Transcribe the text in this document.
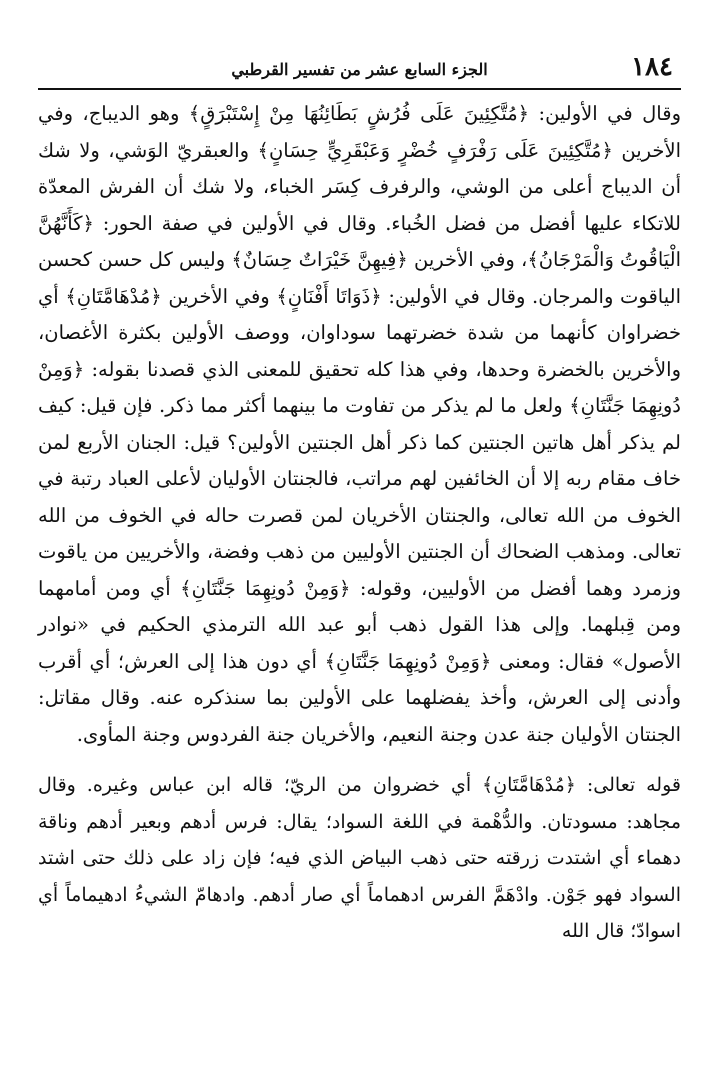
١٨٤
الجزء السابع عشر من تفسير القرطبي

وقال في الأولين: ﴿مُتَّكِئِينَ عَلَى فُرُشٍ بَطَائِنُهَا مِنْ إِسْتَبْرَقٍ﴾ وهو الديباج، وفي الأخرين ﴿مُتَّكِئِينَ عَلَى رَفْرَفٍ خُضْرٍ وَعَبْقَرِيٍّ حِسَانٍ﴾ والعبقريّ الوَشي، ولا شك أن الديباج أعلى من الوشي، والرفرف كِسَر الخباء، ولا شك أن الفرش المعدّة للاتكاء عليها أفضل من فضل الخُباء. وقال في الأولين في صفة الحور: ﴿كَأَنَّهُنَّ الْيَاقُوتُ وَالْمَرْجَانُ﴾، وفي الأخرين ﴿فِيهِنَّ خَيْرَاتٌ حِسَانٌ﴾ وليس كل حسن كحسن الياقوت والمرجان. وقال في الأولين: ﴿ذَوَاتَا أَفْنَانٍ﴾ وفي الأخرين ﴿مُدْهَامَّتَانِ﴾ أي خضراوان كأنهما من شدة خضرتهما سوداوان، ووصف الأولين بكثرة الأغصان، والأخرين بالخضرة وحدها، وفي هذا كله تحقيق للمعنى الذي قصدنا بقوله: ﴿وَمِنْ دُونِهِمَا جَنَّتَانِ﴾ ولعل ما لم يذكر من تفاوت ما بينهما أكثر مما ذكر. فإن قيل: كيف لم يذكر أهل هاتين الجنتين كما ذكر أهل الجنتين الأولين؟ قيل: الجنان الأربع لمن خاف مقام ربه إلا أن الخائفين لهم مراتب، فالجنتان الأوليان لأعلى العباد رتبة في الخوف من الله تعالى، والجنتان الأخريان لمن قصرت حاله في الخوف من الله تعالى. ومذهب الضحاك أن الجنتين الأوليين من ذهب وفضة، والأخريين من ياقوت وزمرد وهما أفضل من الأوليين، وقوله: ﴿وَمِنْ دُونِهِمَا جَنَّتَانِ﴾ أي ومن أمامهما ومن قِبلهما. وإلى هذا القول ذهب أبو عبد الله الترمذي الحكيم في «نوادر الأصول» فقال: ومعنى ﴿وَمِنْ دُونِهِمَا جَنَّتَانِ﴾ أي دون هذا إلى العرش؛ أي أقرب وأدنى إلى العرش، وأخذ يفضلهما على الأولين بما سنذكره عنه. وقال مقاتل: الجنتان الأوليان جنة عدن وجنة النعيم، والأخريان جنة الفردوس وجنة المأوى.

قوله تعالى: ﴿مُدْهَامَّتَانِ﴾ أي خضروان من الريّ؛ قاله ابن عباس وغيره. وقال مجاهد: مسودتان. والدُّهْمة في اللغة السواد؛ يقال: فرس أدهم وبعير أدهم وناقة دهماء أي اشتدت زرقته حتى ذهب البياض الذي فيه؛ فإن زاد على ذلك حتى اشتد السواد فهو جَوْن. وادْهَمَّ الفرس ادهماماً أي صار أدهم. وادهامّ الشيءُ ادهيماماً أي اسوادّ؛ قال الله
